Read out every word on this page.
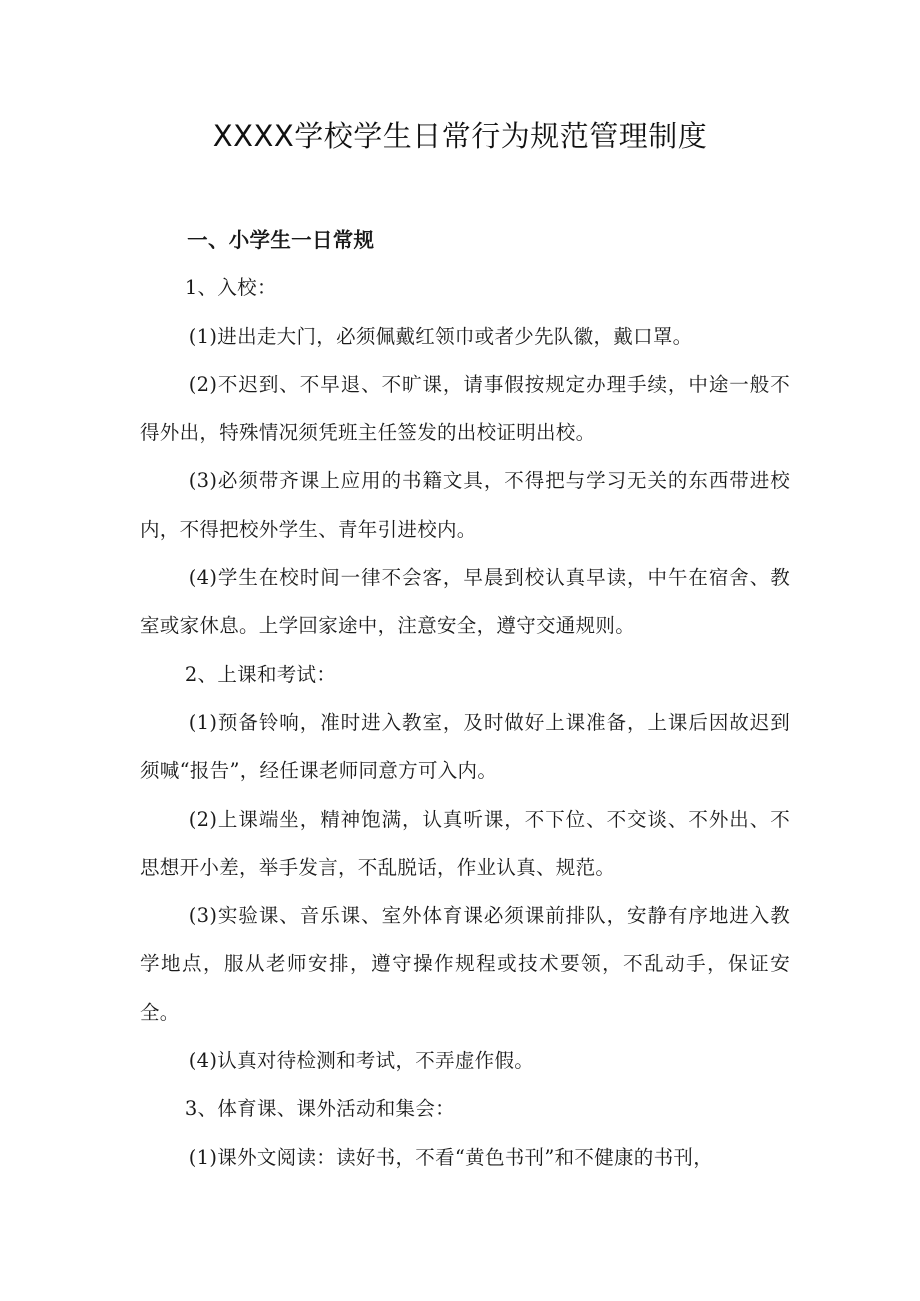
XXXX学校学生日常行为规范管理制度

一、小学生一日常规

1、入校：

(1)进出走大门，必须佩戴红领巾或者少先队徽，戴口罩。

(2)不迟到、不早退、不旷课，请事假按规定办理手续，中途一般不得外出，特殊情况须凭班主任签发的出校证明出校。

(3)必须带齐课上应用的书籍文具，不得把与学习无关的东西带进校内，不得把校外学生、青年引进校内。

(4)学生在校时间一律不会客，早晨到校认真早读，中午在宿舍、教室或家休息。上学回家途中，注意安全，遵守交通规则。

2、上课和考试：

(1)预备铃响，准时进入教室，及时做好上课准备，上课后因故迟到须喊“报告”，经任课老师同意方可入内。

(2)上课端坐，精神饱满，认真听课，不下位、不交谈、不外出、不思想开小差，举手发言，不乱脱话，作业认真、规范。

(3)实验课、音乐课、室外体育课必须课前排队，安静有序地进入教学地点，服从老师安排，遵守操作规程或技术要领，不乱动手，保证安全。

(4)认真对待检测和考试，不弄虚作假。

3、体育课、课外活动和集会：

(1)课外文阅读：读好书，不看“黄色书刊”和不健康的书刊，
